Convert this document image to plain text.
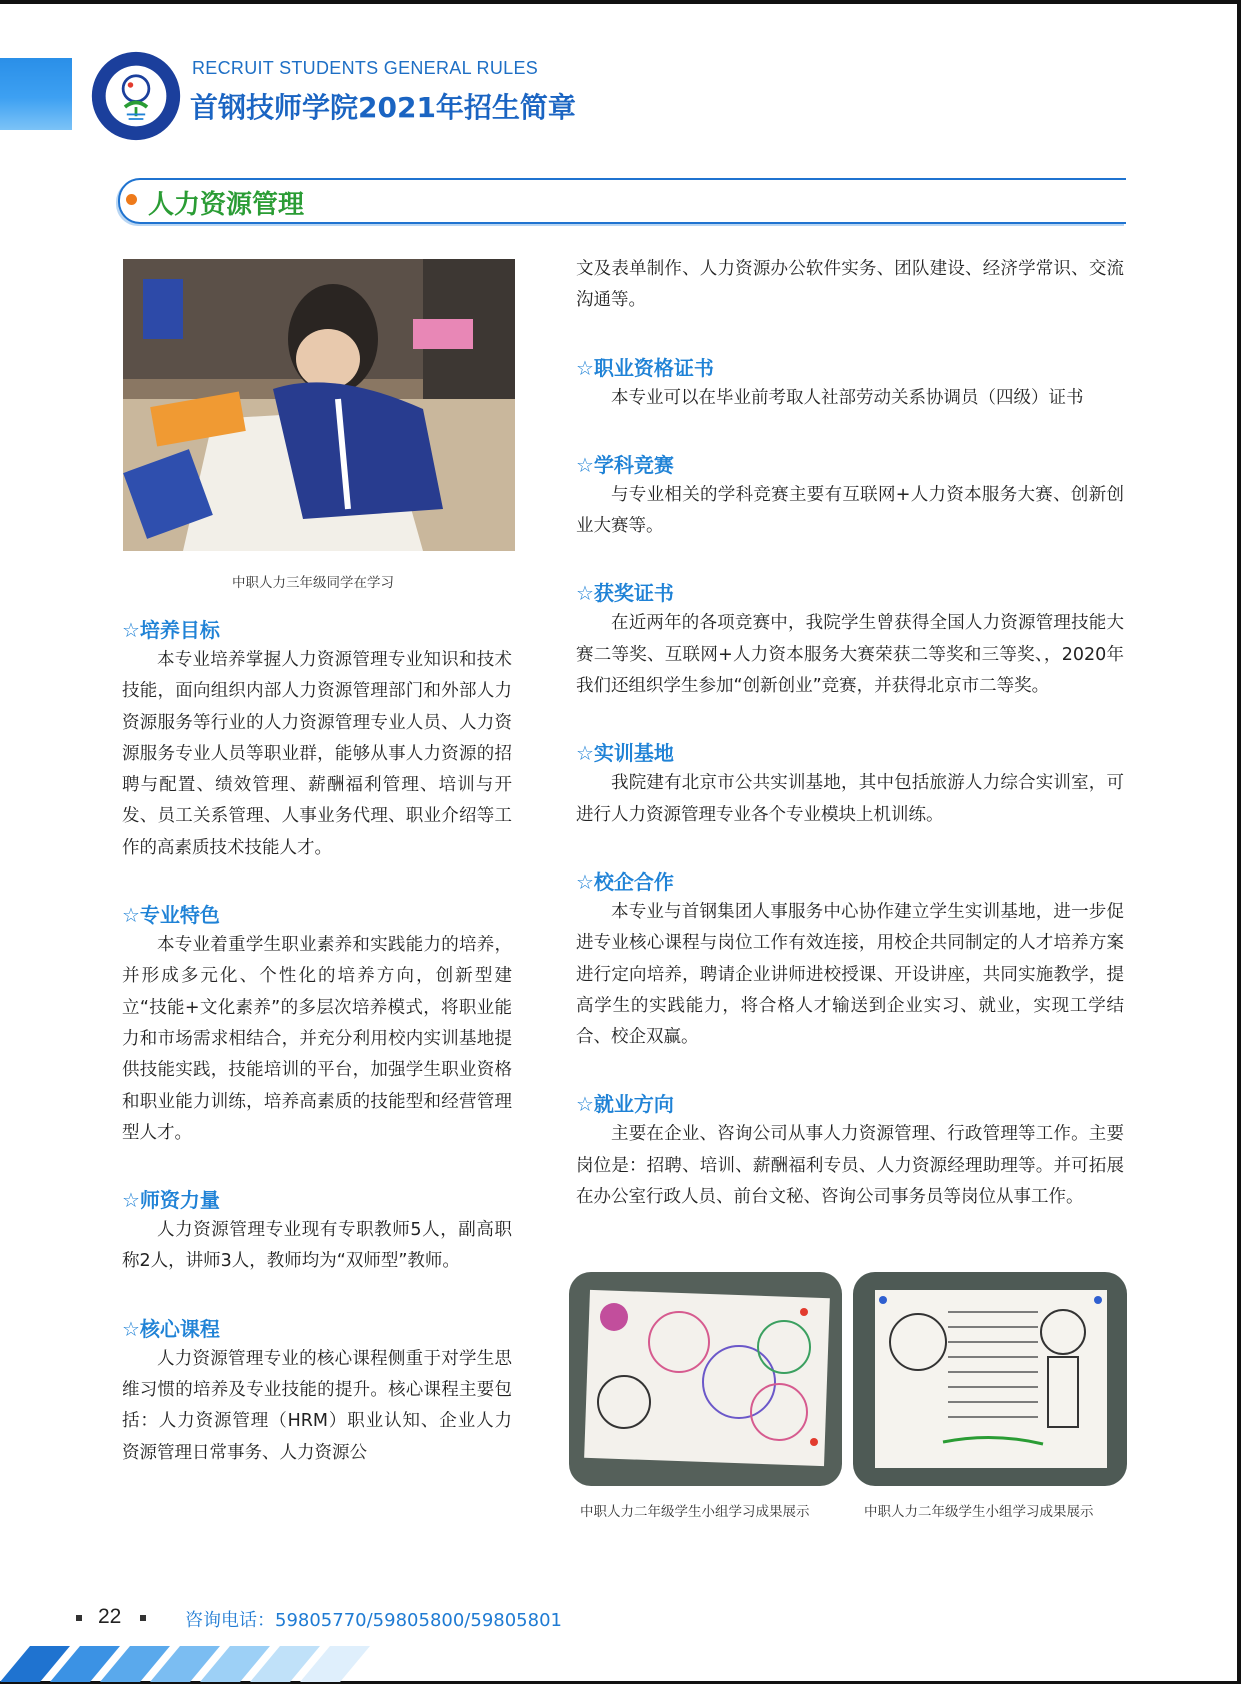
RECRUIT STUDENTS GENERAL RULES
首钢技师学院2021年招生简章
人力资源管理
中职人力三年级同学在学习
☆培养目标

本专业培养掌握人力资源管理专业知识和技术技能，面向组织内部人力资源管理部门和外部人力资源服务等行业的人力资源管理专业人员、人力资源服务专业人员等职业群，能够从事人力资源的招聘与配置、绩效管理、薪酬福利管理、培训与开发、员工关系管理、人事业务代理、职业介绍等工作的高素质技术技能人才。

☆专业特色

本专业着重学生职业素养和实践能力的培养，并形成多元化、个性化的培养方向，创新型建立“技能+文化素养”的多层次培养模式，将职业能力和市场需求相结合，并充分利用校内实训基地提供技能实践，技能培训的平台，加强学生职业资格和职业能力训练，培养高素质的技能型和经营管理型人才。

☆师资力量

人力资源管理专业现有专职教师5人，副高职称2人，讲师3人，教师均为“双师型”教师。

☆核心课程

人力资源管理专业的核心课程侧重于对学生思维习惯的培养及专业技能的提升。核心课程主要包括：人力资源管理（HRM）职业认知、企业人力资源管理日常事务、人力资源公

文及表单制作、人力资源办公软件实务、团队建设、经济学常识、交流沟通等。

☆职业资格证书

本专业可以在毕业前考取人社部劳动关系协调员（四级）证书

☆学科竞赛

与专业相关的学科竞赛主要有互联网+人力资本服务大赛、创新创业大赛等。

☆获奖证书

在近两年的各项竞赛中，我院学生曾获得全国人力资源管理技能大赛二等奖、互联网+人力资本服务大赛荣获二等奖和三等奖、，2020年我们还组织学生参加“创新创业”竞赛，并获得北京市二等奖。

☆实训基地

我院建有北京市公共实训基地，其中包括旅游人力综合实训室，可进行人力资源管理专业各个专业模块上机训练。

☆校企合作

本专业与首钢集团人事服务中心协作建立学生实训基地，进一步促进专业核心课程与岗位工作有效连接，用校企共同制定的人才培养方案进行定向培养，聘请企业讲师进校授课、开设讲座，共同实施教学，提高学生的实践能力，将合格人才输送到企业实习、就业，实现工学结合、校企双赢。

☆就业方向

主要在企业、咨询公司从事人力资源管理、行政管理等工作。主要岗位是：招聘、培训、薪酬福利专员、人力资源经理助理等。并可拓展在办公室行政人员、前台文秘、咨询公司事务员等岗位从事工作。

中职人力二年级学生小组学习成果展示	中职人力二年级学生小组学习成果展示
22	咨询电话：59805770/59805800/59805801
